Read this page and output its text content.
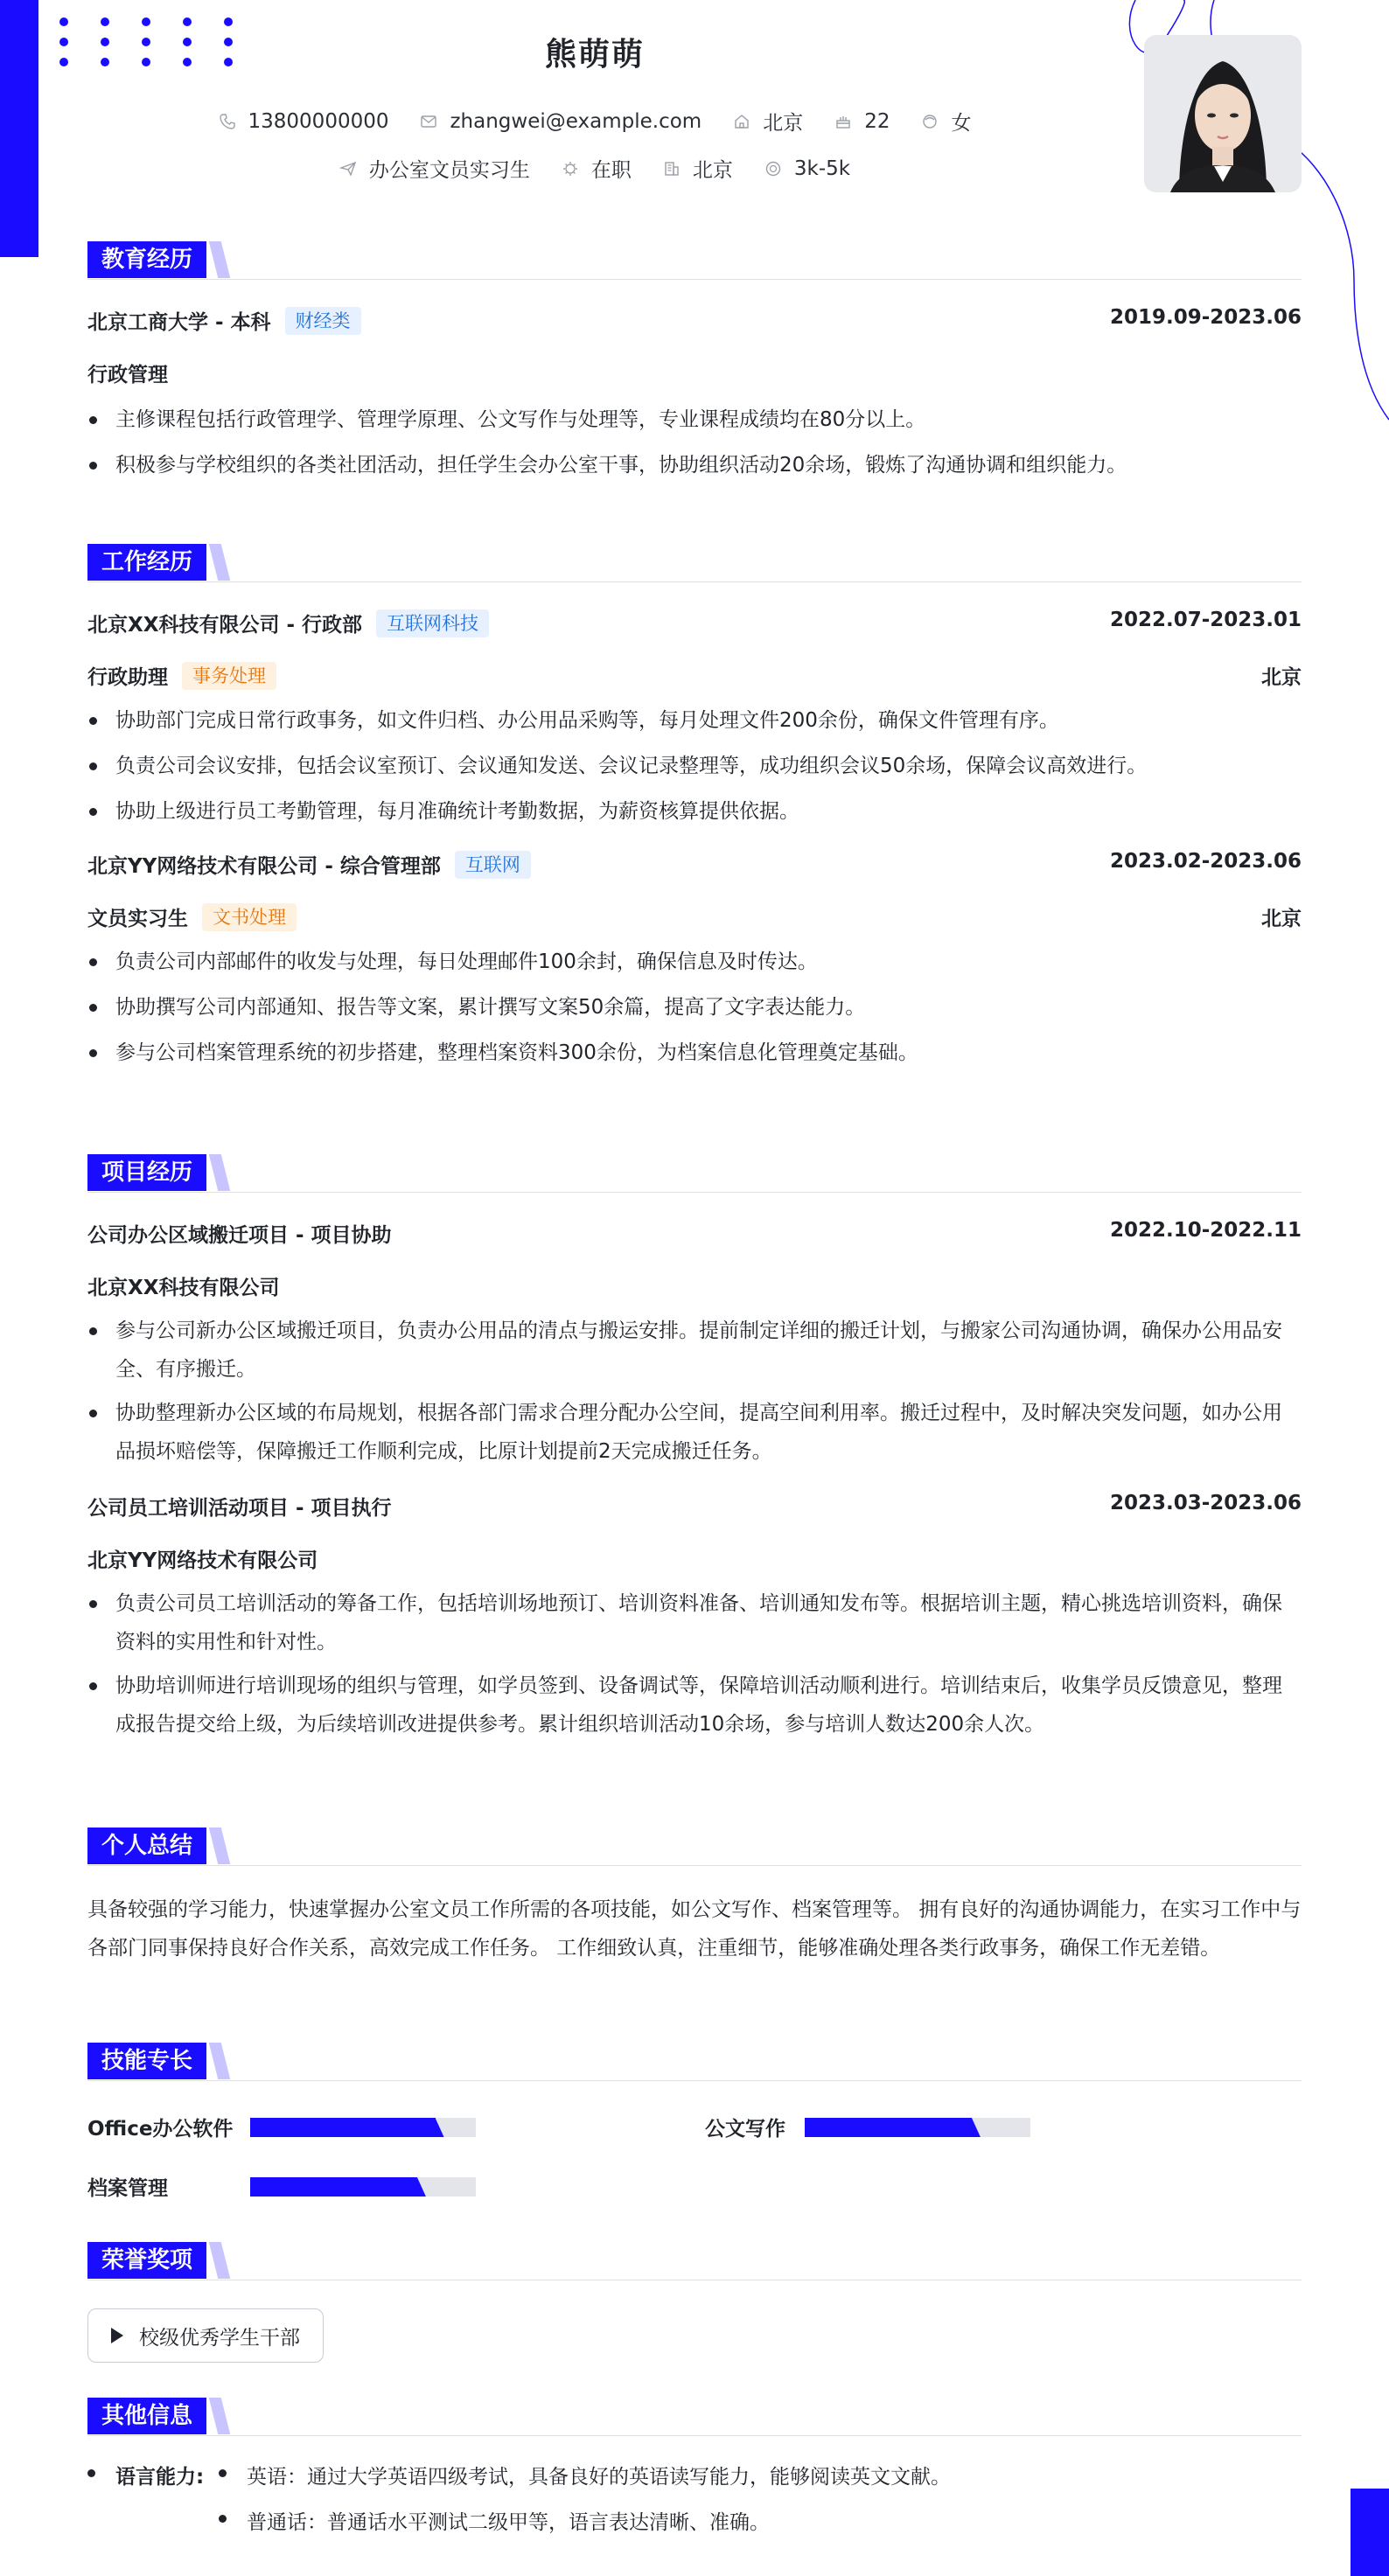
熊萌萌
13800000000	zhangwei@example.com	北京	22	女
办公室文员实习生	在职	北京	3k-5k
教育经历
北京工商大学 - 本科	财经类	2019.09-2023.06
行政管理
主修课程包括行政管理学、管理学原理、公文写作与处理等，专业课程成绩均在80分以上。
积极参与学校组织的各类社团活动，担任学生会办公室干事，协助组织活动20余场，锻炼了沟通协调和组织能力。
工作经历
北京XX科技有限公司 - 行政部	互联网科技	2022.07-2023.01
行政助理	事务处理	北京
协助部门完成日常行政事务，如文件归档、办公用品采购等，每月处理文件200余份，确保文件管理有序。
负责公司会议安排，包括会议室预订、会议通知发送、会议记录整理等，成功组织会议50余场，保障会议高效进行。
协助上级进行员工考勤管理，每月准确统计考勤数据，为薪资核算提供依据。
北京YY网络技术有限公司 - 综合管理部	互联网	2023.02-2023.06
文员实习生	文书处理	北京
负责公司内部邮件的收发与处理，每日处理邮件100余封，确保信息及时传达。
协助撰写公司内部通知、报告等文案，累计撰写文案50余篇，提高了文字表达能力。
参与公司档案管理系统的初步搭建，整理档案资料300余份，为档案信息化管理奠定基础。
项目经历
公司办公区域搬迁项目 - 项目协助	2022.10-2022.11
北京XX科技有限公司
参与公司新办公区域搬迁项目，负责办公用品的清点与搬运安排。提前制定详细的搬迁计划，与搬家公司沟通协调，确保办公用品安全、有序搬迁。
协助整理新办公区域的布局规划，根据各部门需求合理分配办公空间，提高空间利用率。搬迁过程中，及时解决突发问题，如办公用品损坏赔偿等，保障搬迁工作顺利完成，比原计划提前2天完成搬迁任务。
公司员工培训活动项目 - 项目执行	2023.03-2023.06
北京YY网络技术有限公司
负责公司员工培训活动的筹备工作，包括培训场地预订、培训资料准备、培训通知发布等。根据培训主题，精心挑选培训资料，确保资料的实用性和针对性。
协助培训师进行培训现场的组织与管理，如学员签到、设备调试等，保障培训活动顺利进行。培训结束后，收集学员反馈意见，整理成报告提交给上级，为后续培训改进提供参考。累计组织培训活动10余场，参与培训人数达200余人次。
个人总结
具备较强的学习能力，快速掌握办公室文员工作所需的各项技能，如公文写作、档案管理等。 拥有良好的沟通协调能力，在实习工作中与各部门同事保持良好合作关系，高效完成工作任务。 工作细致认真，注重细节，能够准确处理各类行政事务，确保工作无差错。
技能专长
Office办公软件	公文写作
档案管理
荣誉奖项
校级优秀学生干部
其他信息
语言能力: 英语：通过大学英语四级考试，具备良好的英语读写能力，能够阅读英文文献。
普通话：普通话水平测试二级甲等，语言表达清晰、准确。
